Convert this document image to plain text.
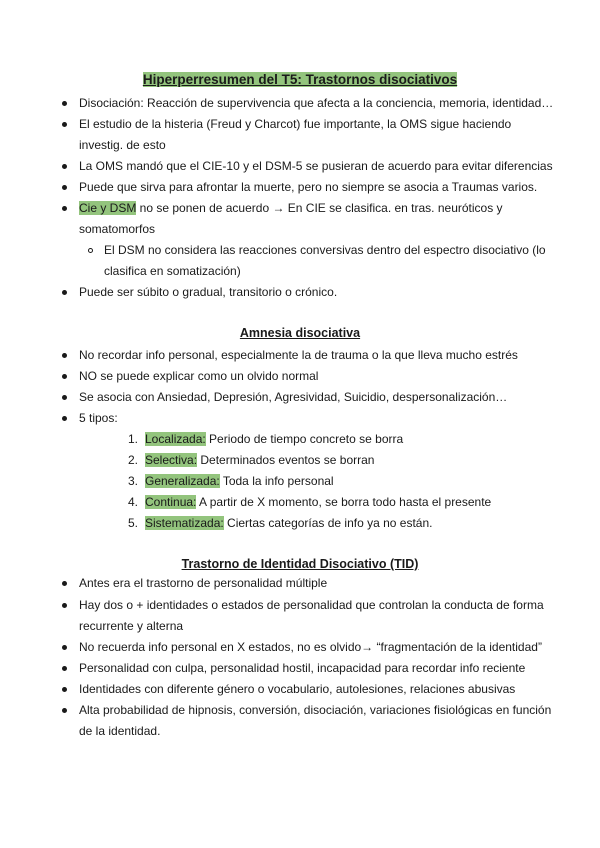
Hiperperresumen del T5: Trastornos disociativos
Disociación: Reacción de supervivencia que afecta a la conciencia, memoria, identidad…
El estudio de la histeria (Freud y Charcot) fue importante, la OMS sigue haciendo
investig. de esto
La OMS mandó que el CIE-10 y el DSM-5 se pusieran de acuerdo para evitar diferencias
Puede que sirva para afrontar la muerte, pero no siempre se asocia a Traumas varios.
Cie y DSM no se ponen de acuerdo → En CIE se clasifica. en tras. neuróticos y
somatomorfos
El DSM no considera las reacciones conversivas dentro del espectro disociativo (lo
clasifica en somatización)
Puede ser súbito o gradual, transitorio o crónico.
Amnesia disociativa
No recordar info personal, especialmente la de trauma o la que lleva mucho estrés
NO se puede explicar como un olvido normal
Se asocia con Ansiedad, Depresión, Agresividad, Suicidio, despersonalización…
5 tipos:
1. Localizada: Periodo de tiempo concreto se borra
2. Selectiva: Determinados eventos se borran
3. Generalizada: Toda la info personal
4. Continua: A partir de X momento, se borra todo hasta el presente
5. Sistematizada: Ciertas categorías de info ya no están.
Trastorno de Identidad Disociativo (TID)
Antes era el trastorno de personalidad múltiple
Hay dos o + identidades o estados de personalidad que controlan la conducta de forma
recurrente y alterna
No recuerda info personal en X estados, no es olvido→ “fragmentación de la identidad”
Personalidad con culpa, personalidad hostil, incapacidad para recordar info reciente
Identidades con diferente género o vocabulario, autolesiones, relaciones abusivas
Alta probabilidad de hipnosis, conversión, disociación, variaciones fisiológicas en función
de la identidad.
